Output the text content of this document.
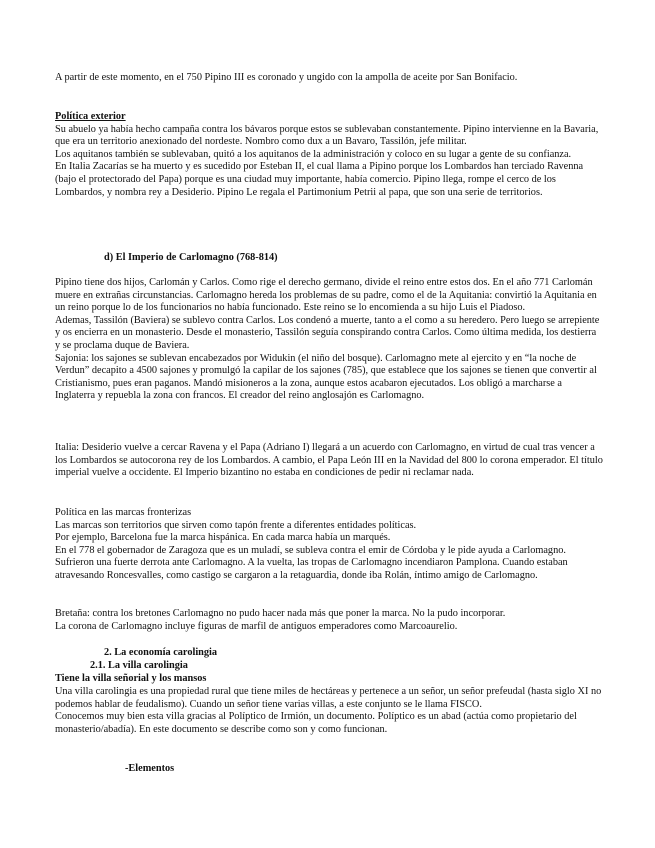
A partir de este momento, en el 750 Pipino III es coronado y ungido con la ampolla de aceite por San Bonifacio.

Política exterior

Su abuelo ya había hecho campaña contra los bávaros porque estos se sublevaban constantemente. Pipino intervienne en la Bavaria, que era un territorio anexionado del nordeste. Nombro como dux a un Bavaro, Tassilón, jefe militar.

Los aquitanos también se sublevaban, quitó a los aquitanos de la administración y coloco en su lugar a gente de su confianza.

En Italia Zacarías se ha muerto y es sucedido por Esteban II, el cual llama a Pipino porque los Lombardos han terciado Ravenna (bajo el protectorado del Papa) porque es una ciudad muy importante, había comercio. Pipino llega, rompe el cerco de los Lombardos, y nombra rey a Desiderio. Pipino Le regala el Partimonium Petrii al papa, que son una serie de territorios.

d) El Imperio de Carlomagno (768-814)

Pipino tiene dos hijos, Carlomán y Carlos. Como rige el derecho germano, divide el reino entre estos dos. En el año 771 Carlomán muere en extrañas circunstancias. Carlomagno hereda los problemas de su padre, como el de la Aquitania: convirtió la Aquitania en un reino porque lo de los funcionarios no había funcionado. Este reino se lo encomienda a su hijo Luis el Piadoso.

Ademas, Tassilón (Baviera) se sublevo contra Carlos. Los condenó a muerte, tanto a el como a su heredero. Pero luego se arrepiente y os encierra en un monasterio. Desde el monasterio, Tassilón seguía conspirando contra Carlos. Como última medida, los destierra y se proclama duque de Baviera.

Sajonia: los sajones se sublevan encabezados por Widukin (el niño del bosque). Carlomagno mete al ejercito y en “la noche de Verdun” decapito a 4500 sajones y promulgó la capilar de los sajones (785), que establece que los sajones se tienen que convertir al Cristianismo, pues eran paganos. Mandó misioneros a la zona, aunque estos acabaron ejecutados. Los obligó a marcharse a Inglaterra y repuebla la zona con francos. El creador del reino anglosajón es Carlomagno.

Italia: Desiderio vuelve a cercar Ravena y el Papa (Adriano I) llegará a un acuerdo con Carlomagno, en virtud de cual tras vencer a los Lombardos se autocorona rey de los Lombardos. A cambio, el Papa León III en la Navidad del 800 lo corona emperador. El título imperial vuelve a occidente. El Imperio bizantino no estaba en condiciones de pedir ni reclamar nada.

Política en las marcas fronterizas

Las marcas son territorios que sirven como tapón frente a diferentes entidades políticas.

Por ejemplo, Barcelona fue la marca hispánica. En cada marca había un marqués.

En el 778 el gobernador de Zaragoza que es un muladí, se subleva contra el emir de Córdoba y le pide ayuda a Carlomagno. Sufrieron una fuerte derrota ante Carlomagno. A la vuelta, las tropas de Carlomagno incendiaron Pamplona. Cuando estaban atravesando Roncesvalles, como castigo se cargaron a la retaguardia, donde iba Rolán, íntimo amigo de Carlomagno.

Bretaña: contra los bretones Carlomagno no pudo hacer nada más que poner la marca. No la pudo incorporar.

La corona de Carlomagno incluye figuras de marfil de antiguos emperadores como Marcoaurelio.

2. La economía carolingia
2.1. La villa carolingia
Tiene la villa señorial y los mansos

Una villa carolingia es una propiedad rural que tiene miles de hectáreas y pertenece a un señor, un señor prefeudal (hasta siglo XI no podemos hablar de feudalismo). Cuando un señor tiene varias villas, a este conjunto se le llama FISCO.

Conocemos muy bien esta villa gracias al Políptico de Irmión, un documento. Políptico es un abad (actúa como propietario del monasterio/abadía). En este documento se describe como son y como funcionan.

-Elementos
